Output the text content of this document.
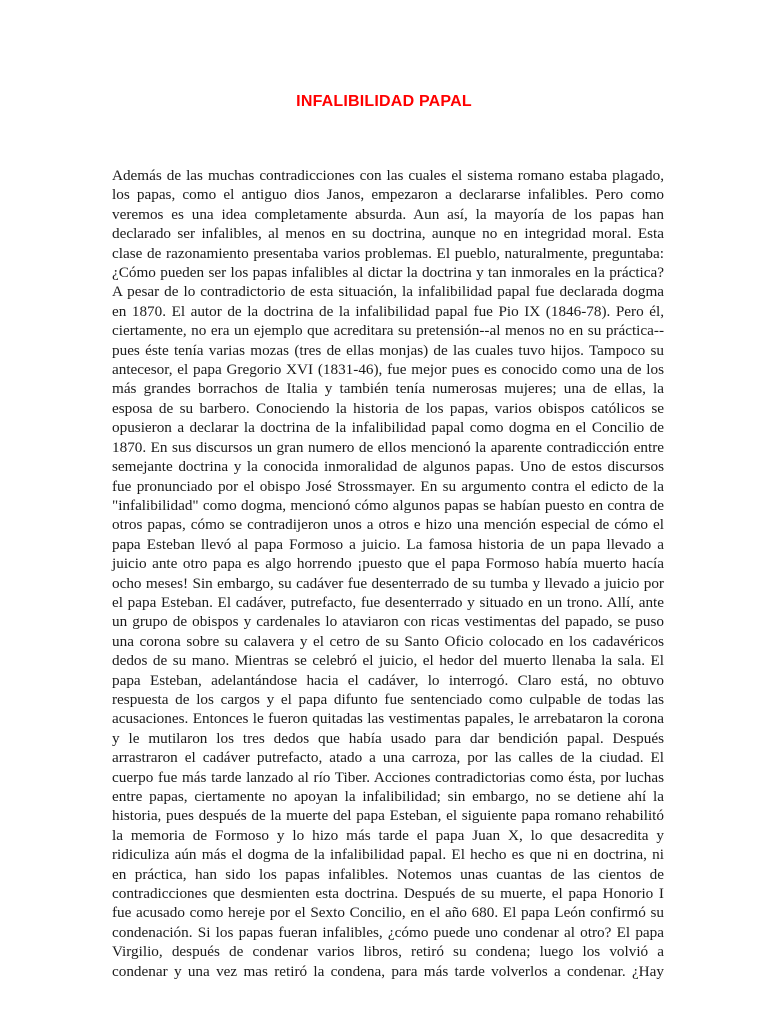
INFALIBILIDAD PAPAL
Además de las muchas contradicciones con las cuales el sistema romano estaba plagado,
los papas, como el antiguo dios Janos, empezaron a declararse infalibles. Pero como
veremos es una idea completamente absurda. Aun así, la mayoría de los papas han
declarado ser infalibles, al menos en su doctrina, aunque no en integridad moral. Esta
clase de razonamiento presentaba varios problemas. El pueblo, naturalmente, preguntaba:
¿Cómo pueden ser los papas infalibles al dictar la doctrina y tan inmorales en la práctica?
A pesar de lo contradictorio de esta situación, la infalibilidad papal fue declarada dogma
en 1870. El autor de la doctrina de la infalibilidad papal fue Pio IX (1846-78). Pero él,
ciertamente, no era un ejemplo que acreditara su pretensión--al menos no en su práctica--
pues éste tenía varias mozas (tres de ellas monjas) de las cuales tuvo hijos. Tampoco su
antecesor, el papa Gregorio XVI (1831-46), fue mejor pues es conocido como una de los
más grandes borrachos de Italia y también tenía numerosas mujeres; una de ellas, la
esposa de su barbero. Conociendo la historia de los papas, varios obispos católicos se
opusieron a declarar la doctrina de la infalibilidad papal como dogma en el Concilio de
1870. En sus discursos un gran numero de ellos mencionó la aparente contradicción entre
semejante doctrina y la conocida inmoralidad de algunos papas. Uno de estos discursos
fue pronunciado por el obispo José Strossmayer. En su argumento contra el edicto de la
"infalibilidad" como dogma, mencionó cómo algunos papas se habían puesto en contra de
otros papas, cómo se contradijeron unos a otros e hizo una mención especial de cómo el
papa Esteban llevó al papa Formoso a juicio. La famosa historia de un papa llevado a
juicio ante otro papa es algo horrendo ¡puesto que el papa Formoso había muerto hacía
ocho meses! Sin embargo, su cadáver fue desenterrado de su tumba y llevado a juicio por
el papa Esteban. El cadáver, putrefacto, fue desenterrado y situado en un trono. Allí, ante
un grupo de obispos y cardenales lo ataviaron con ricas vestimentas del papado, se puso
una corona sobre su calavera y el cetro de su Santo Oficio colocado en los cadavéricos
dedos de su mano. Mientras se celebró el juicio, el hedor del muerto llenaba la sala. El
papa Esteban, adelantándose hacia el cadáver, lo interrogó. Claro está, no obtuvo
respuesta de los cargos y el papa difunto fue sentenciado como culpable de todas las
acusaciones. Entonces le fueron quitadas las vestimentas papales, le arrebataron la corona
y le mutilaron los tres dedos que había usado para dar bendición papal. Después
arrastraron el cadáver putrefacto, atado a una carroza, por las calles de la ciudad. El
cuerpo fue más tarde lanzado al río Tiber. Acciones contradictorias como ésta, por luchas
entre papas, ciertamente no apoyan la infalibilidad; sin embargo, no se detiene ahí la
historia, pues después de la muerte del papa Esteban, el siguiente papa romano rehabilitó
la memoria de Formoso y lo hizo más tarde el papa Juan X, lo que desacredita y
ridiculiza aún más el dogma de la infalibilidad papal. El hecho es que ni en doctrina, ni
en práctica, han sido los papas infalibles. Notemos unas cuantas de las cientos de
contradicciones que desmienten esta doctrina. Después de su muerte, el papa Honorio I
fue acusado como hereje por el Sexto Concilio, en el año 680. El papa León confirmó su
condenación. Si los papas fueran infalibles, ¿cómo puede uno condenar al otro? El papa
Virgilio, después de condenar varios libros, retiró su condena; luego los volvió a
condenar y una vez mas retiró la condena, para más tarde volverlos a condenar. ¿Hay
